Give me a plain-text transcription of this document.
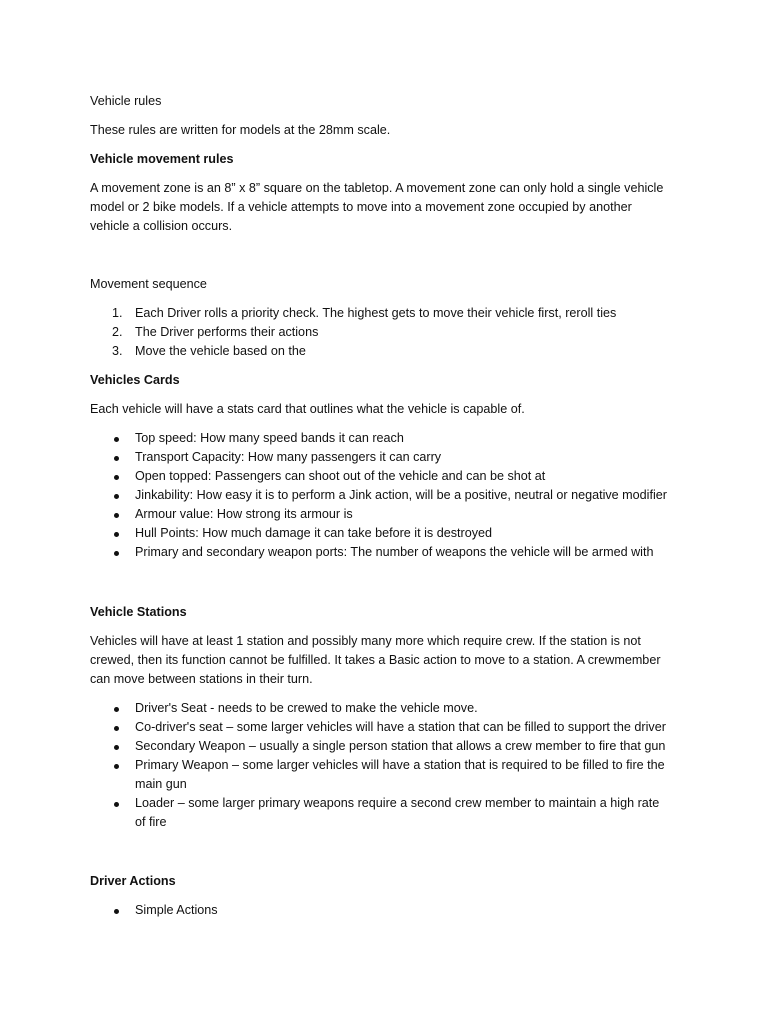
Vehicle rules
These rules are written for models at the 28mm scale.
Vehicle movement rules
A movement zone is an 8” x 8” square on the tabletop. A movement zone can only hold a single vehicle
model or 2 bike models. If a vehicle attempts to move into a movement zone occupied by another
vehicle a collision occurs.
Movement sequence
1. Each Driver rolls a priority check. The highest gets to move their vehicle first, reroll ties
2. The Driver performs their actions
3. Move the vehicle based on the
Vehicles Cards
Each vehicle will have a stats card that outlines what the vehicle is capable of.
Top speed: How many speed bands it can reach
Transport Capacity: How many passengers it can carry
Open topped: Passengers can shoot out of the vehicle and can be shot at
Jinkability: How easy it is to perform a Jink action, will be a positive, neutral or negative modifier
Armour value: How strong its armour is
Hull Points: How much damage it can take before it is destroyed
Primary and secondary weapon ports: The number of weapons the vehicle will be armed with
Vehicle Stations
Vehicles will have at least 1 station and possibly many more which require crew. If the station is not
crewed, then its function cannot be fulfilled. It takes a Basic action to move to a station. A crewmember
can move between stations in their turn.
Driver's Seat - needs to be crewed to make the vehicle move.
Co-driver's seat – some larger vehicles will have a station that can be filled to support the driver
Secondary Weapon – usually a single person station that allows a crew member to fire that gun
Primary Weapon – some larger vehicles will have a station that is required to be filled to fire the
main gun
Loader – some larger primary weapons require a second crew member to maintain a high rate
of fire
Driver Actions
Simple Actions
